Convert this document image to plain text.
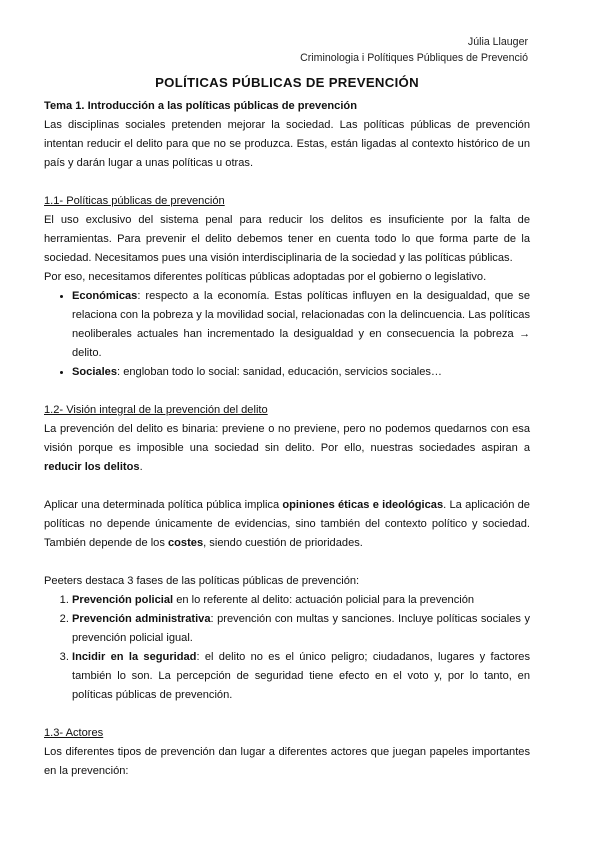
Júlia Llauger
Criminologia i Polítiques Públiques de Prevenció
POLÍTICAS PÚBLICAS DE PREVENCIÓN

Tema 1. Introducción a las políticas públicas de prevención

Las disciplinas sociales pretenden mejorar la sociedad. Las políticas públicas de prevención intentan reducir el delito para que no se produzca. Estas, están ligadas al contexto histórico de un país y darán lugar a unas políticas u otras.

1.1- Políticas públicas de prevención

El uso exclusivo del sistema penal para reducir los delitos es insuficiente por la falta de herramientas. Para prevenir el delito debemos tener en cuenta todo lo que forma parte de la sociedad. Necesitamos pues una visión interdisciplinaria de la sociedad y las políticas públicas.

Por eso, necesitamos diferentes políticas públicas adoptadas por el gobierno o legislativo.

• Económicas: respecto a la economía. Estas políticas influyen en la desigualdad, que se relaciona con la pobreza y la movilidad social, relacionadas con la delincuencia. Las políticas neoliberales actuales han incrementado la desigualdad y en consecuencia la pobreza → delito.
• Sociales: engloban todo lo social: sanidad, educación, servicios sociales…

1.2- Visión integral de la prevención del delito

La prevención del delito es binaria: previene o no previene, pero no podemos quedarnos con esa visión porque es imposible una sociedad sin delito. Por ello, nuestras sociedades aspiran a reducir los delitos.

Aplicar una determinada política pública implica opiniones éticas e ideológicas. La aplicación de políticas no depende únicamente de evidencias, sino también del contexto político y sociedad. También depende de los costes, siendo cuestión de prioridades.

Peeters destaca 3 fases de las políticas públicas de prevención:

1. Prevención policial en lo referente al delito: actuación policial para la prevención
2. Prevención administrativa: prevención con multas y sanciones. Incluye políticas sociales y prevención policial igual.
3. Incidir en la seguridad: el delito no es el único peligro; ciudadanos, lugares y factores también lo son. La percepción de seguridad tiene efecto en el voto y, por lo tanto, en políticas públicas de prevención.

1.3- Actores

Los diferentes tipos de prevención dan lugar a diferentes actores que juegan papeles importantes en la prevención:
